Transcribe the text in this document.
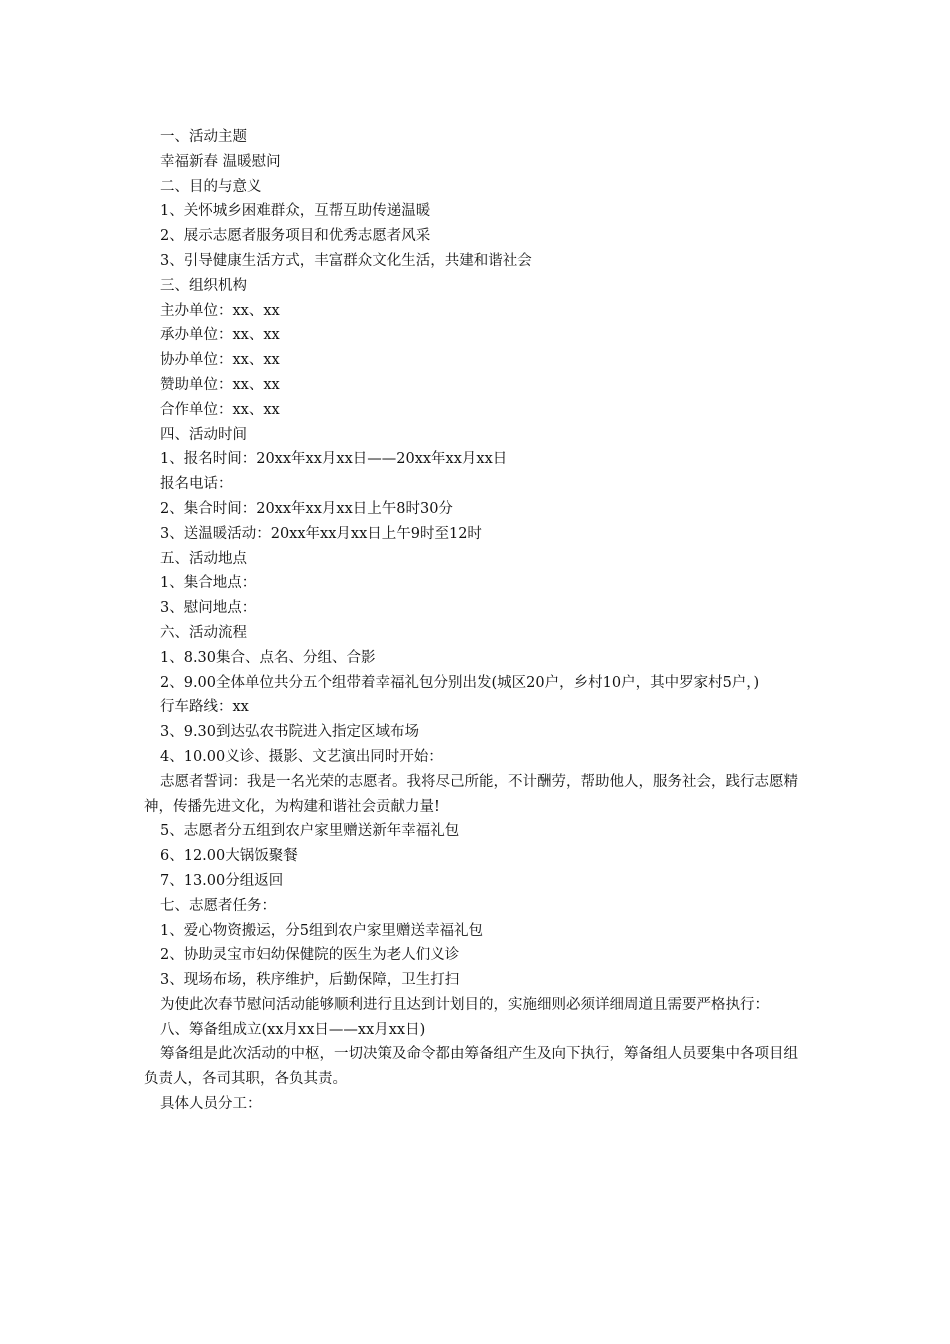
一、活动主题
幸福新春 温暖慰问
二、目的与意义
1、关怀城乡困难群众，互帮互助传递温暖
2、展示志愿者服务项目和优秀志愿者风采
3、引导健康生活方式，丰富群众文化生活，共建和谐社会
三、组织机构
主办单位：xx、xx
承办单位：xx、xx
协办单位：xx、xx
赞助单位：xx、xx
合作单位：xx、xx
四、活动时间
1、报名时间：20xx年xx月xx日——20xx年xx月xx日
报名电话：
2、集合时间：20xx年xx月xx日上午8时30分
3、送温暖活动：20xx年xx月xx日上午9时至12时
五、活动地点
1、集合地点：
3、慰问地点：
六、活动流程
1、8.30集合、点名、分组、合影
2、9.00全体单位共分五个组带着幸福礼包分别出发(城区20户，乡村10户，其中罗家村5户，)
行车路线：xx
3、9.30到达弘农书院进入指定区域布场
4、10.00义诊、摄影、文艺演出同时开始：
志愿者誓词：我是一名光荣的志愿者。我将尽己所能，不计酬劳，帮助他人，服务社会，践行志愿精神，传播先进文化，为构建和谐社会贡献力量!
5、志愿者分五组到农户家里赠送新年幸福礼包
6、12.00大锅饭聚餐
7、13.00分组返回
七、志愿者任务：
1、爱心物资搬运，分5组到农户家里赠送幸福礼包
2、协助灵宝市妇幼保健院的医生为老人们义诊
3、现场布场，秩序维护，后勤保障，卫生打扫
为使此次春节慰问活动能够顺利进行且达到计划目的，实施细则必须详细周道且需要严格执行：
八、筹备组成立(xx月xx日——xx月xx日)
筹备组是此次活动的中枢，一切决策及命令都由筹备组产生及向下执行，筹备组人员要集中各项目组负责人，各司其职，各负其责。
具体人员分工：
